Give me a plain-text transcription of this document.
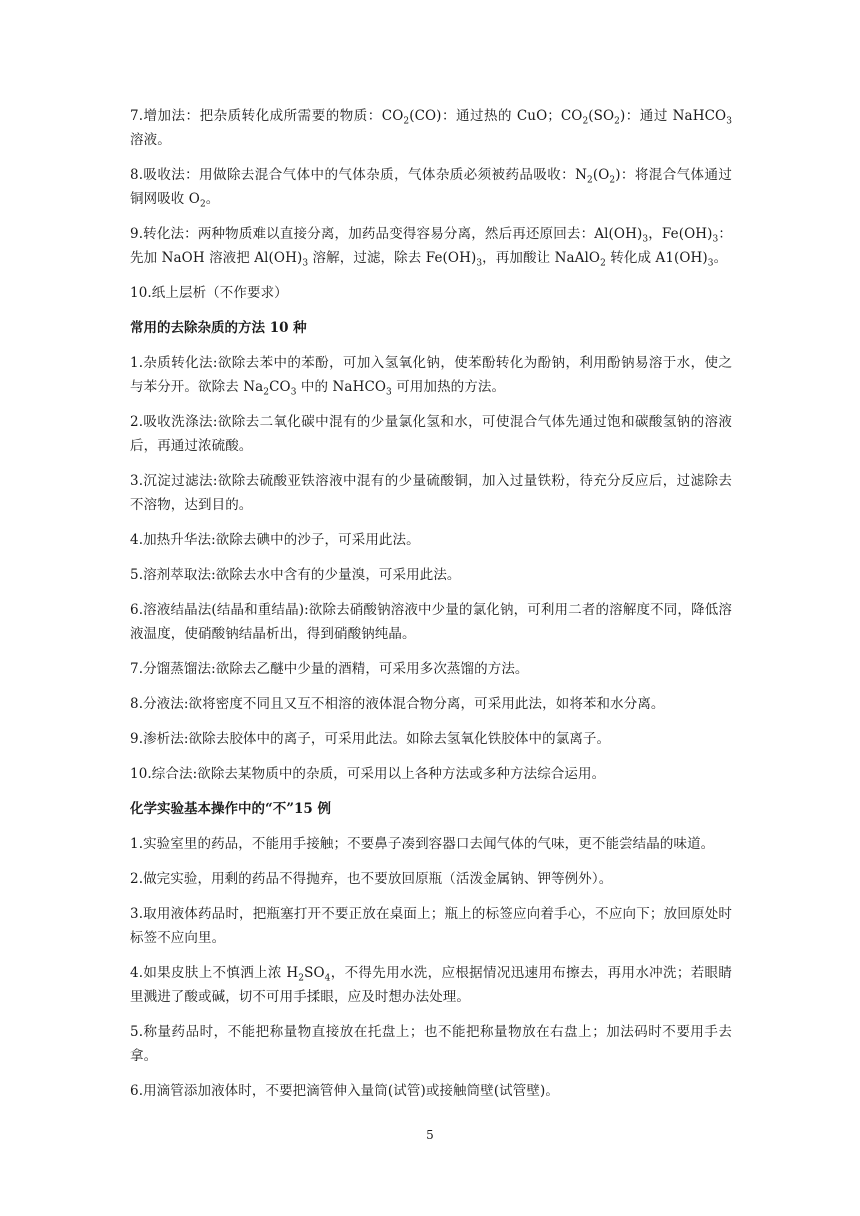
7.增加法：把杂质转化成所需要的物质：$CO_2(CO)$：通过热的 CuO；$CO_2(SO_2)$：通过 NaHCO$_3$ 溶液。

8.吸收法：用做除去混合气体中的气体杂质，气体杂质必须被药品吸收：$N_2(O_2)$：将混合气体通过铜网吸收 $O_2$。

9.转化法：两种物质难以直接分离，加药品变得容易分离，然后再还原回去：$Al(OH)_3$，$Fe(OH)_3$：先加 NaOH 溶液把 $Al(OH)_3$ 溶解，过滤，除去 $Fe(OH)_3$，再加酸让 NaAlO$_2$ 转化成 $A1(OH)_3$。

10.纸上层析（不作要求）

常用的去除杂质的方法 10 种

1.杂质转化法:欲除去苯中的苯酚，可加入氢氧化钠，使苯酚转化为酚钠，利用酚钠易溶于水，使之与苯分开。欲除去 $Na_2CO_3$ 中的 NaHCO$_3$ 可用加热的方法。

2.吸收洗涤法:欲除去二氧化碳中混有的少量氯化氢和水，可使混合气体先通过饱和碳酸氢钠的溶液后，再通过浓硫酸。

3.沉淀过滤法:欲除去硫酸亚铁溶液中混有的少量硫酸铜，加入过量铁粉，待充分反应后，过滤除去不溶物，达到目的。

4.加热升华法:欲除去碘中的沙子，可采用此法。

5.溶剂萃取法:欲除去水中含有的少量溴，可采用此法。

6.溶液结晶法(结晶和重结晶):欲除去硝酸钠溶液中少量的氯化钠，可利用二者的溶解度不同，降低溶液温度，使硝酸钠结晶析出，得到硝酸钠纯晶。

7.分馏蒸馏法:欲除去乙醚中少量的酒精，可采用多次蒸馏的方法。

8.分液法:欲将密度不同且又互不相溶的液体混合物分离，可采用此法，如将苯和水分离。

9.渗析法:欲除去胶体中的离子，可采用此法。如除去氢氧化铁胶体中的氯离子。

10.综合法:欲除去某物质中的杂质，可采用以上各种方法或多种方法综合运用。

化学实验基本操作中的“不”15 例

1.实验室里的药品，不能用手接触；不要鼻子凑到容器口去闻气体的气味，更不能尝结晶的味道。

2.做完实验，用剩的药品不得抛弃，也不要放回原瓶（活泼金属钠、钾等例外）。

3.取用液体药品时，把瓶塞打开不要正放在桌面上；瓶上的标签应向着手心，不应向下；放回原处时标签不应向里。

4.如果皮肤上不慎洒上浓 $H_2SO_4$，不得先用水洗，应根据情况迅速用布擦去，再用水冲洗；若眼睛里溅进了酸或碱，切不可用手揉眼，应及时想办法处理。

5.称量药品时，不能把称量物直接放在托盘上；也不能把称量物放在右盘上；加法码时不要用手去拿。

6.用滴管添加液体时，不要把滴管伸入量筒(试管)或接触筒壁(试管壁)。

5
